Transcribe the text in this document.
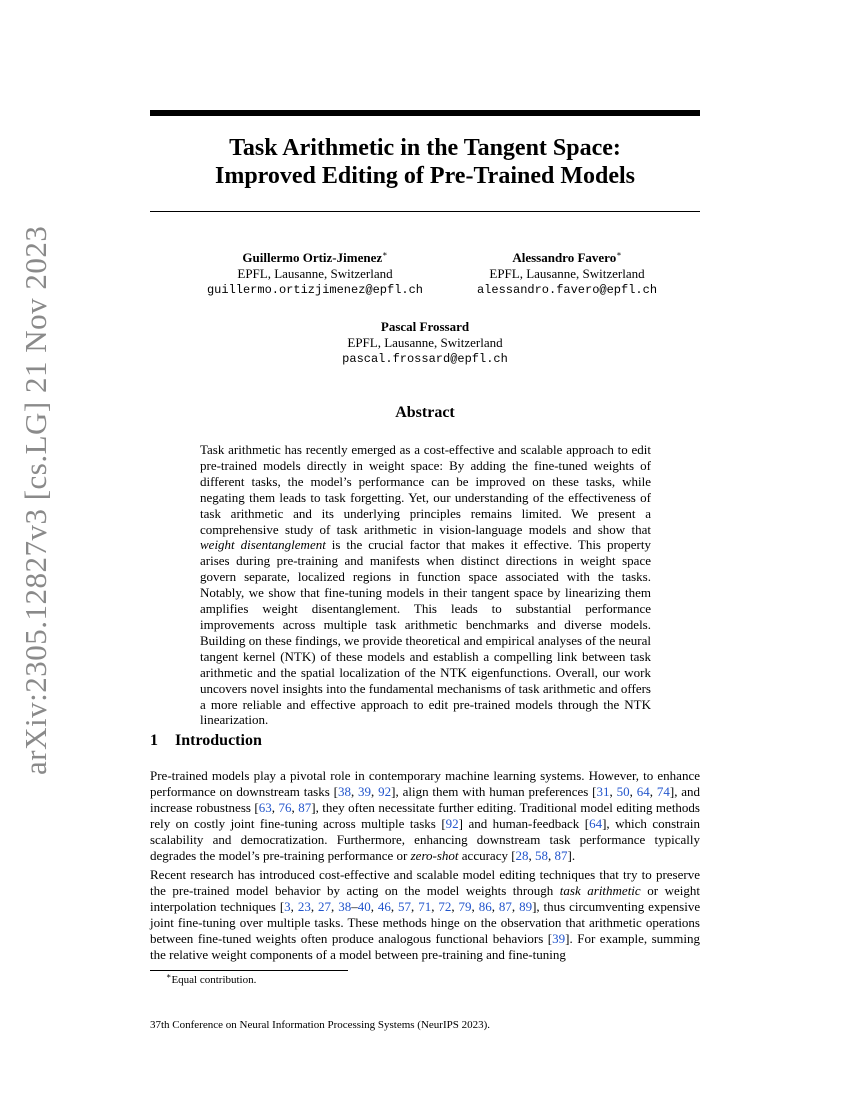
arXiv:2305.12827v3 [cs.LG] 21 Nov 2023
Task Arithmetic in the Tangent Space:
Improved Editing of Pre-Trained Models
Guillermo Ortiz-Jimenez∗
EPFL, Lausanne, Switzerland
guillermo.ortizjimenez@epfl.ch
Alessandro Favero∗
EPFL, Lausanne, Switzerland
alessandro.favero@epfl.ch
Pascal Frossard
EPFL, Lausanne, Switzerland
pascal.frossard@epfl.ch
Abstract
Task arithmetic has recently emerged as a cost-effective and scalable approach to edit pre-trained models directly in weight space: By adding the fine-tuned weights of different tasks, the model’s performance can be improved on these tasks, while negating them leads to task forgetting. Yet, our understanding of the effectiveness of task arithmetic and its underlying principles remains limited. We present a comprehensive study of task arithmetic in vision-language models and show that weight disentanglement is the crucial factor that makes it effective. This property arises during pre-training and manifests when distinct directions in weight space govern separate, localized regions in function space associated with the tasks. Notably, we show that fine-tuning models in their tangent space by linearizing them amplifies weight disentanglement. This leads to substantial performance improvements across multiple task arithmetic benchmarks and diverse models. Building on these findings, we provide theoretical and empirical analyses of the neural tangent kernel (NTK) of these models and establish a compelling link between task arithmetic and the spatial localization of the NTK eigenfunctions. Overall, our work uncovers novel insights into the fundamental mechanisms of task arithmetic and offers a more reliable and effective approach to edit pre-trained models through the NTK linearization.
1 Introduction
Pre-trained models play a pivotal role in contemporary machine learning systems. However, to enhance performance on downstream tasks [38, 39, 92], align them with human preferences [31, 50, 64, 74], and increase robustness [63, 76, 87], they often necessitate further editing. Traditional model editing methods rely on costly joint fine-tuning across multiple tasks [92] and human-feedback [64], which constrain scalability and democratization. Furthermore, enhancing downstream task performance typically degrades the model’s pre-training performance or zero-shot accuracy [28, 58, 87].
Recent research has introduced cost-effective and scalable model editing techniques that try to preserve the pre-trained model behavior by acting on the model weights through task arithmetic or weight interpolation techniques [3, 23, 27, 38–40, 46, 57, 71, 72, 79, 86, 87, 89], thus circumventing expensive joint fine-tuning over multiple tasks. These methods hinge on the observation that arithmetic operations between fine-tuned weights often produce analogous functional behaviors [39]. For example, summing the relative weight components of a model between pre-training and fine-tuning
∗Equal contribution.
37th Conference on Neural Information Processing Systems (NeurIPS 2023).
